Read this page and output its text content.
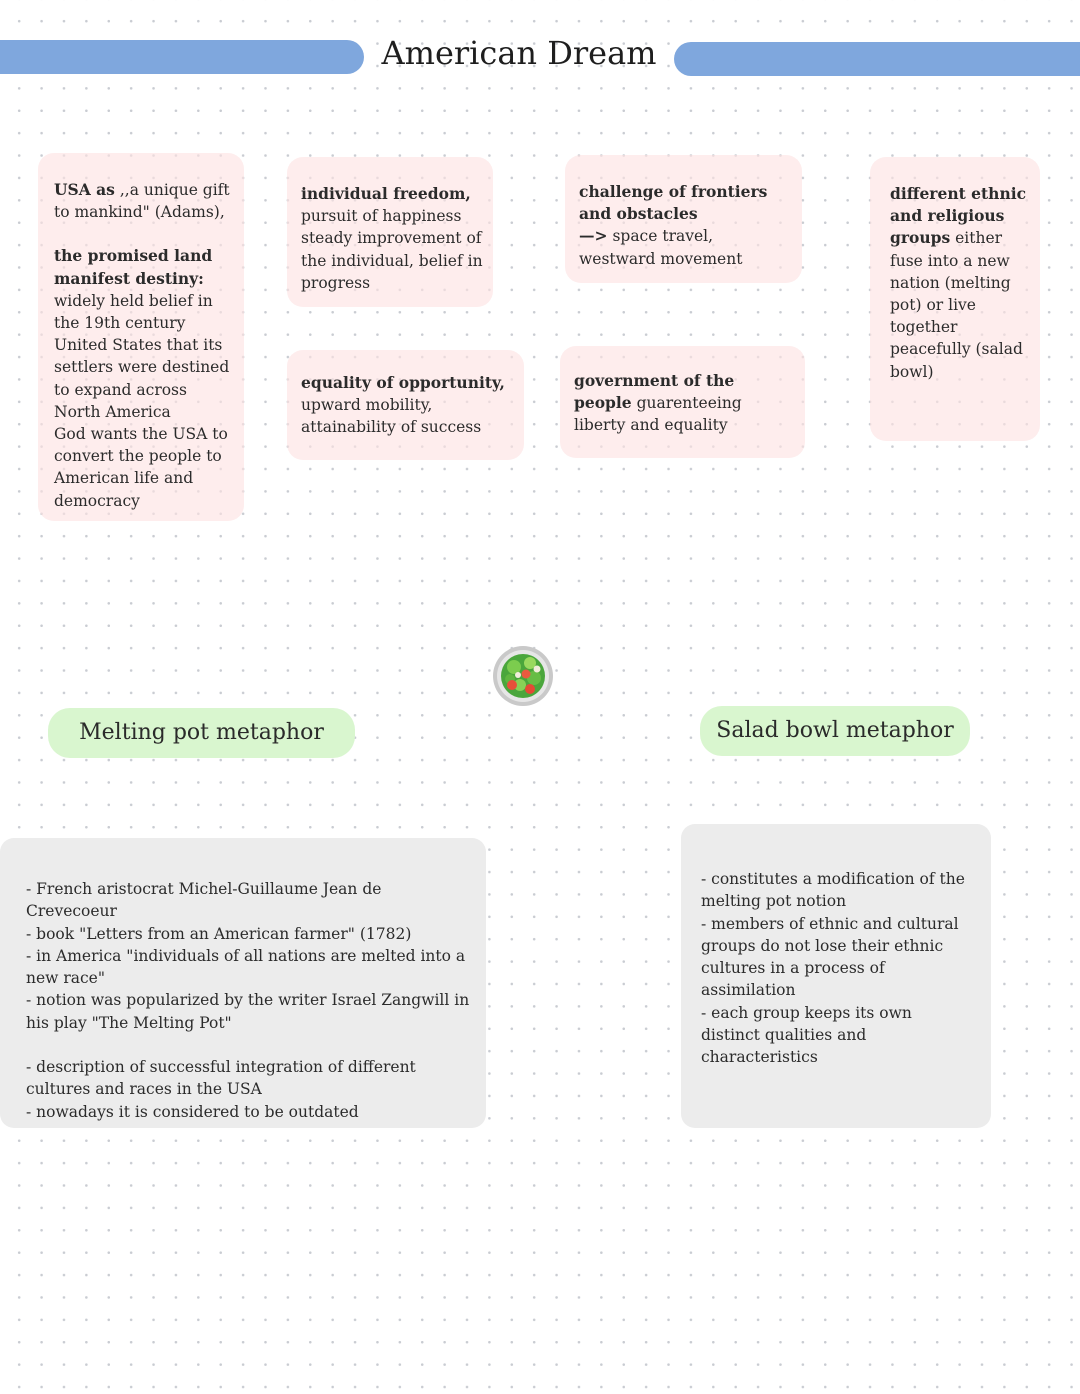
American Dream

USA as ,,a unique gift to mankind" (Adams),

the promised land manifest destiny:

widely held belief in the 19th century United States that its settlers were destined to expand across North America

God wants the USA to convert the people to American life and democracy

individual freedom,

pursuit of happiness steady improvement of the individual, belief in progress

challenge of frontiers and obstacles

—> space travel, westward movement

different ethnic and religious groups either fuse into a new nation (melting pot) or live together peacefully (salad bowl)

equality of opportunity,

upward mobility, attainability of success

government of the people guarenteeing liberty and equality

Melting pot metaphor	Salad bowl metaphor

- French aristocrat Michel-Guillaume Jean de Crevecoeur

- book "Letters from an American farmer" (1782)

- in America "individuals of all nations are melted into a new race"

- notion was popularized by the writer Israel Zangwill in his play "The Melting Pot"

- description of successful integration of different cultures and races in the USA

- nowadays it is considered to be outdated

- constitutes a modification of the melting pot notion

- members of ethnic and cultural groups do not lose their ethnic cultures in a process of assimilation

- each group keeps its own distinct qualities and characteristics
